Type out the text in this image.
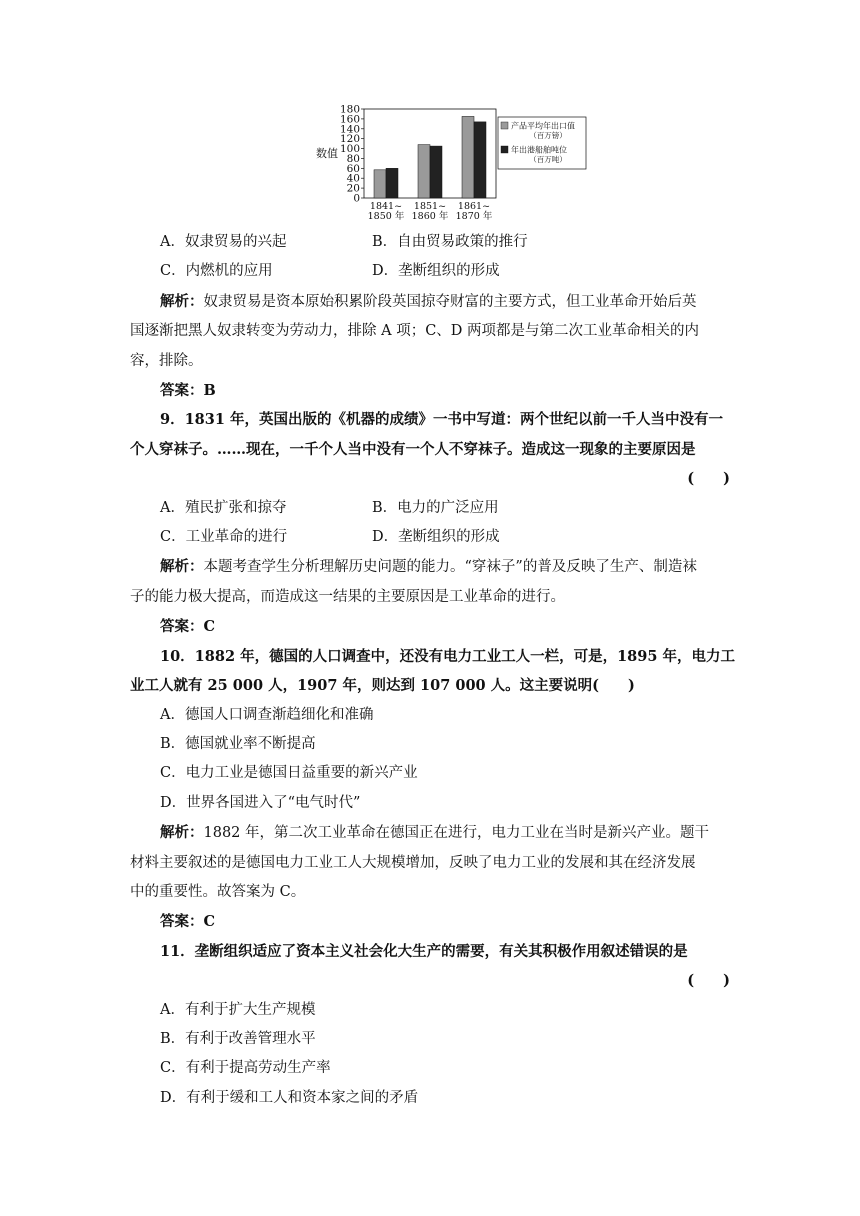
180
160
140
120
100
80
60
40
20
0
1841~
1850 年
1851~
1860 年
1861~
1870 年
产品平均年出口值
（百万镑）
年出港船舶吨位
（百万吨）
数值
A．奴隶贸易的兴起	B．自由贸易政策的推行
C．内燃机的应用	D．垄断组织的形成
解析：奴隶贸易是资本原始积累阶段英国掠夺财富的主要方式，但工业革命开始后英
国逐渐把黑人奴隶转变为劳动力，排除 A 项；C、D 两项都是与第二次工业革命相关的内
容，排除。
答案：B
9．1831 年，英国出版的《机器的成绩》一书中写道：两个世纪以前一千人当中没有一
个人穿袜子。……现在，一千个人当中没有一个人不穿袜子。造成这一现象的主要原因是
(　　)
A．殖民扩张和掠夺	B．电力的广泛应用
C．工业革命的进行	D．垄断组织的形成
解析：本题考查学生分析理解历史问题的能力。“穿袜子”的普及反映了生产、制造袜
子的能力极大提高，而造成这一结果的主要原因是工业革命的进行。
答案：C
10．1882 年，德国的人口调查中，还没有电力工业工人一栏，可是，1895 年，电力工
业工人就有 25 000 人，1907 年，则达到 107 000 人。这主要说明(　　)
A．德国人口调查渐趋细化和准确
B．德国就业率不断提高
C．电力工业是德国日益重要的新兴产业
D．世界各国进入了“电气时代”
解析：1882 年，第二次工业革命在德国正在进行，电力工业在当时是新兴产业。题干
材料主要叙述的是德国电力工业工人大规模增加，反映了电力工业的发展和其在经济发展
中的重要性。故答案为 C。
答案：C
11．垄断组织适应了资本主义社会化大生产的需要，有关其积极作用叙述错误的是
(　　)
A．有利于扩大生产规模
B．有利于改善管理水平
C．有利于提高劳动生产率
D．有利于缓和工人和资本家之间的矛盾
